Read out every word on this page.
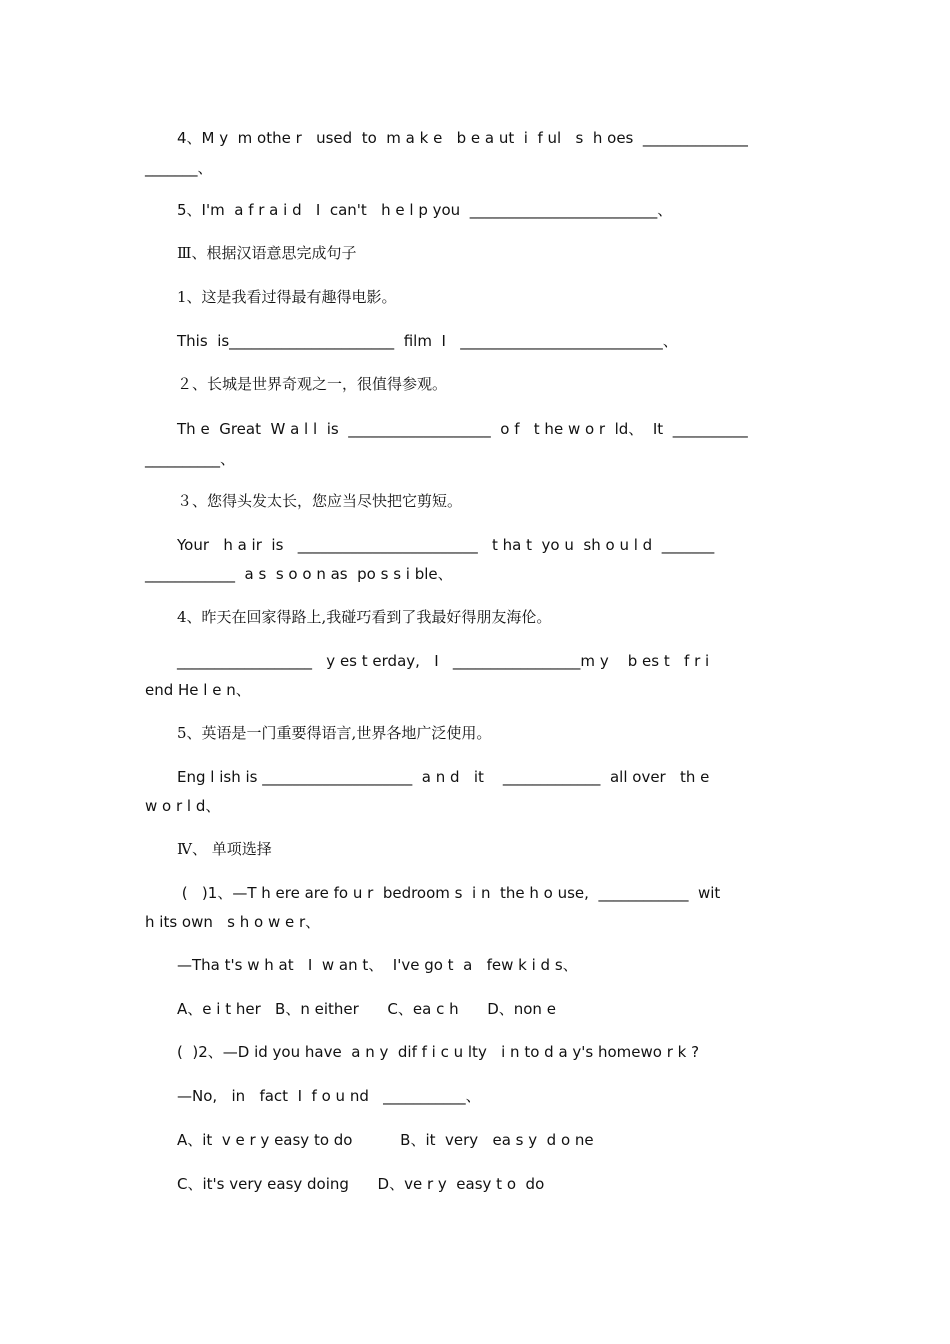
4、M y  m othe r   used  to  m a k e   b e a ut  i  f ul   s  h oes  ______________
_______、
5、I'm  a f r a i d   I  can't   h e l p you  _________________________、
Ⅲ、根据汉语意思完成句子
1、这是我看过得最有趣得电影。
This  is______________________  film  I   ___________________________、
２、长城是世界奇观之一，很值得参观。
Th e  Great  W a l l  is  ___________________  o f   t he w o r  ld、  It  __________
__________、
３、您得头发太长，您应当尽快把它剪短。
Your   h a ir  is   ________________________   t ha t  yo u  sh o u l d  _______
____________  a s  s o o n as  po s s i ble、
4、昨天在回家得路上,我碰巧看到了我最好得朋友海伦。
__________________   y es t erday,   I   _________________m y    b es t   f r i
end He l e n、
5、英语是一门重要得语言,世界各地广泛使用。
Eng l ish is ____________________  a n d   it    _____________  all over   th e
w o r l d、
Ⅳ、 单项选择
(   )1、—T h ere are fo u r  bedroom s  i n  the h o use,  ____________  wit
h its own   s h o w e r、
—Tha t's w h at   I  w an t、  I've go t  a   few k i d s、
A、e i t her   B、n either      C、ea c h      D、non e
(  )2、—D id you have  a n y  dif f i c u lty   i n to d a y's homewo r k ?
—No,   in   fact  I  f o u nd   ___________、
A、it  v e r y easy to do          B、it  very   ea s y  d o ne
C、it's very easy doing      D、ve r y  easy t o  do
